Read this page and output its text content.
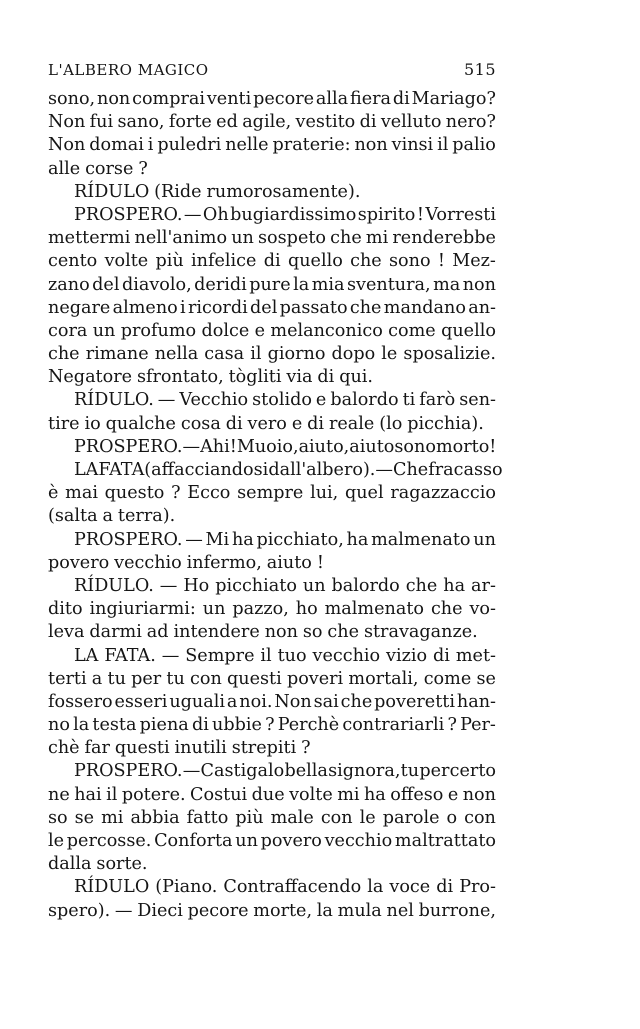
L'ALBERO MAGICO	515
sono, non comprai venti pecore alla fiera di Mariago?
Non fui sano, forte ed agile, vestito di velluto nero?
Non domai i puledri nelle praterie: non vinsi il palio
alle corse ?
RÍDULO (Ride rumorosamente).
PROSPERO. — Oh bugiardissimo spirito ! Vorresti
mettermi nell'animo un sospeto che mi renderebbe
cento volte più infelice di quello che sono ! Mez-
zano del diavolo, deridi pure la mia sventura, ma non
negare almeno i ricordi del passato che mandano an-
cora un profumo dolce e melanconico come quello
che rimane nella casa il giorno dopo le sposalizie.
Negatore sfrontato, tògliti via di qui.
RÍDULO. — Vecchio stolido e balordo ti farò sen-
tire io qualche cosa di vero e di reale (lo picchia).
PROSPERO. — Ahi! Muoio, aiuto, aiuto sono morto!
LA FATA (affacciandosi dall'albero). —Che fracasso
è mai questo ? Ecco sempre lui, quel ragazzaccio
(salta a terra).
PROSPERO. — Mi ha picchiato, ha malmenato un
povero vecchio infermo, aiuto !
RÍDULO. — Ho picchiato un balordo che ha ar-
dito ingiuriarmi: un pazzo, ho malmenato che vo-
leva darmi ad intendere non so che stravaganze.
LA FATA. — Sempre il tuo vecchio vizio di met-
terti a tu per tu con questi poveri mortali, come se
fossero esseri uguali a noi. Non sai che poveretti han-
no la testa piena di ubbie ? Perchè contrariarli ? Per-
chè far questi inutili strepiti ?
PROSPERO. — Castigalo bella signora, tu per certo
ne hai il potere. Costui due volte mi ha offeso e non
so se mi abbia fatto più male con le parole o con
le percosse. Conforta un povero vecchio maltrattato
dalla sorte.
RÍDULO (Piano. Contraffacendo la voce di Pro-
spero). — Dieci pecore morte, la mula nel burrone,
